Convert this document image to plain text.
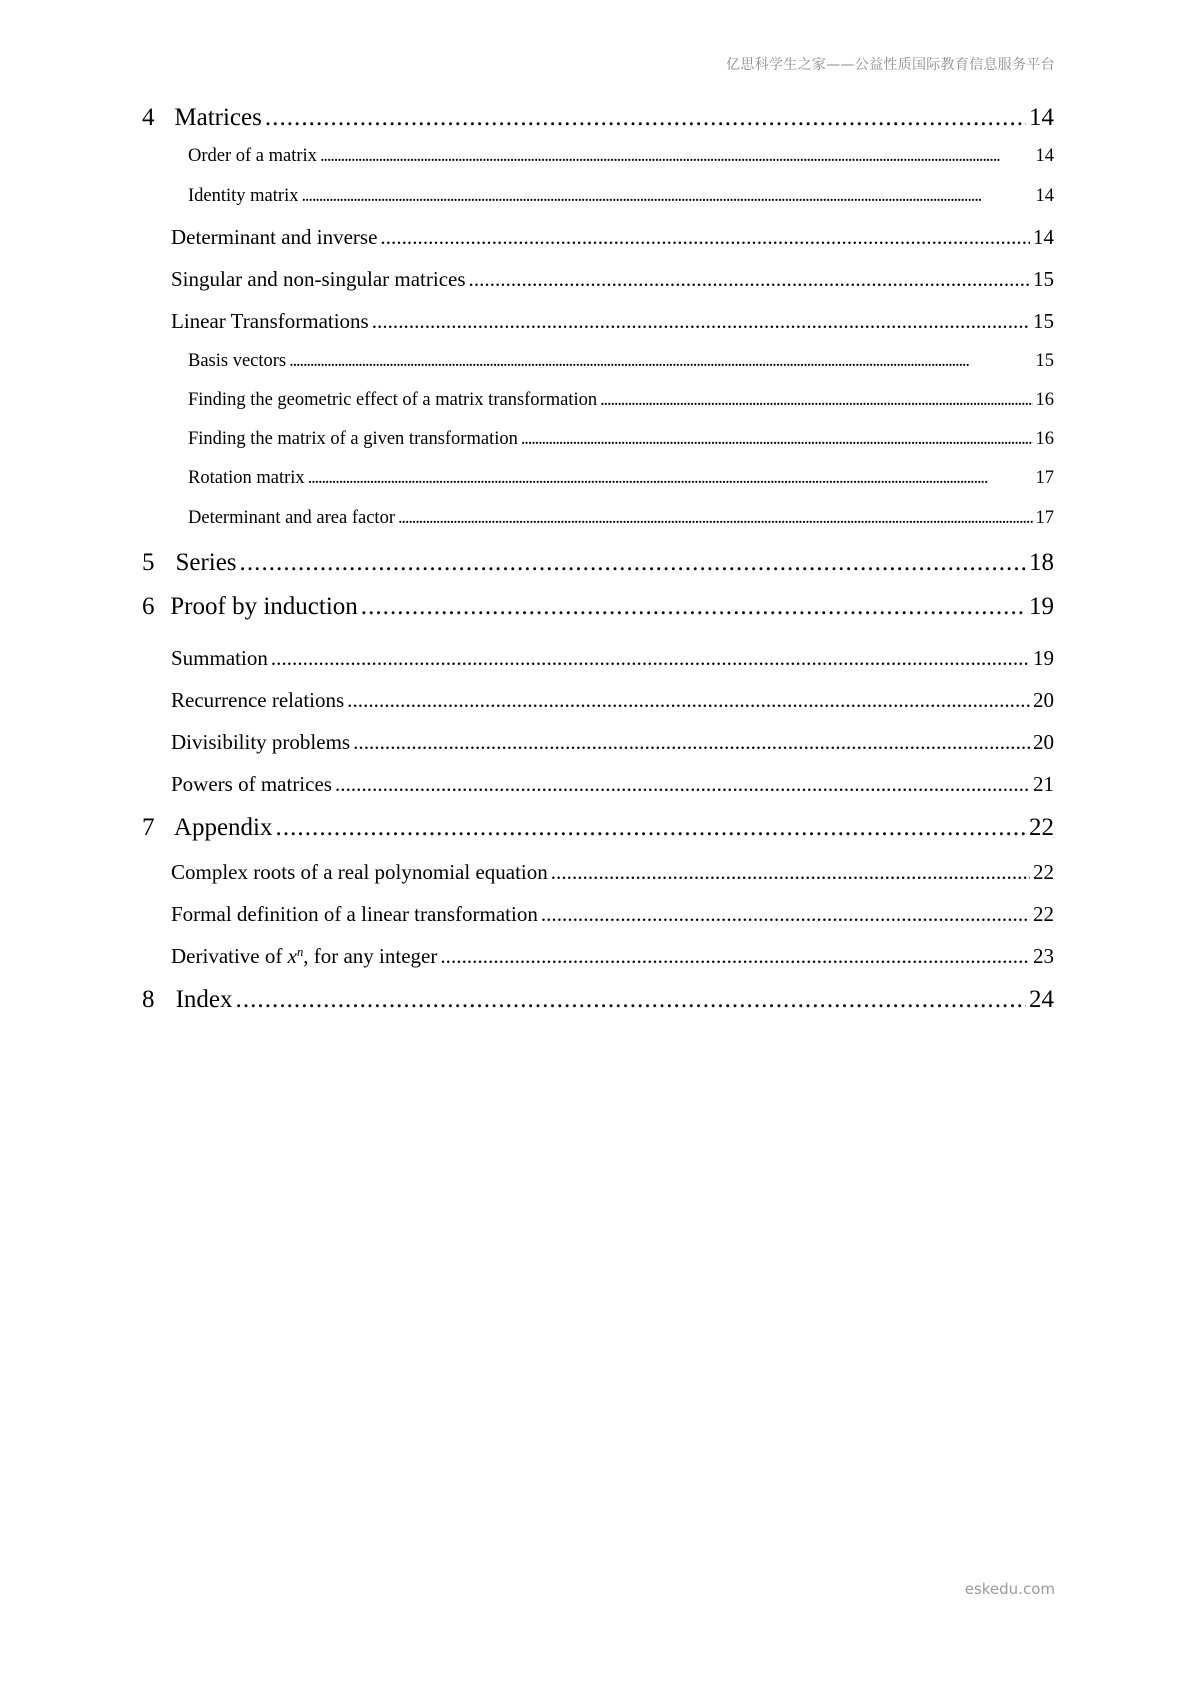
亿思科学生之家——公益性质国际教育信息服务平台
4 Matrices . . .	14
Order of a matrix . . .	14
Identity matrix . . .	14
Determinant and inverse . . .	14
Singular and non-singular matrices . . .	15
Linear Transformations . . .	15
Basis vectors . . .	15
Finding the geometric effect of a matrix transformation . . .	16
Finding the matrix of a given transformation . . .	16
Rotation matrix . . .	17
Determinant and area factor . . .	17
5 Series . . .	18
6 Proof by induction . . .	19
Summation . . .	19
Recurrence relations . . .	20
Divisibility problems . . .	20
Powers of matrices . . .	21
7 Appendix . . .	22
Complex roots of a real polynomial equation . . .	22
Formal definition of a linear transformation . . .	22
Derivative of $x^n$, for any integer . . .	23
8 Index . . .	24
eskedu.com
